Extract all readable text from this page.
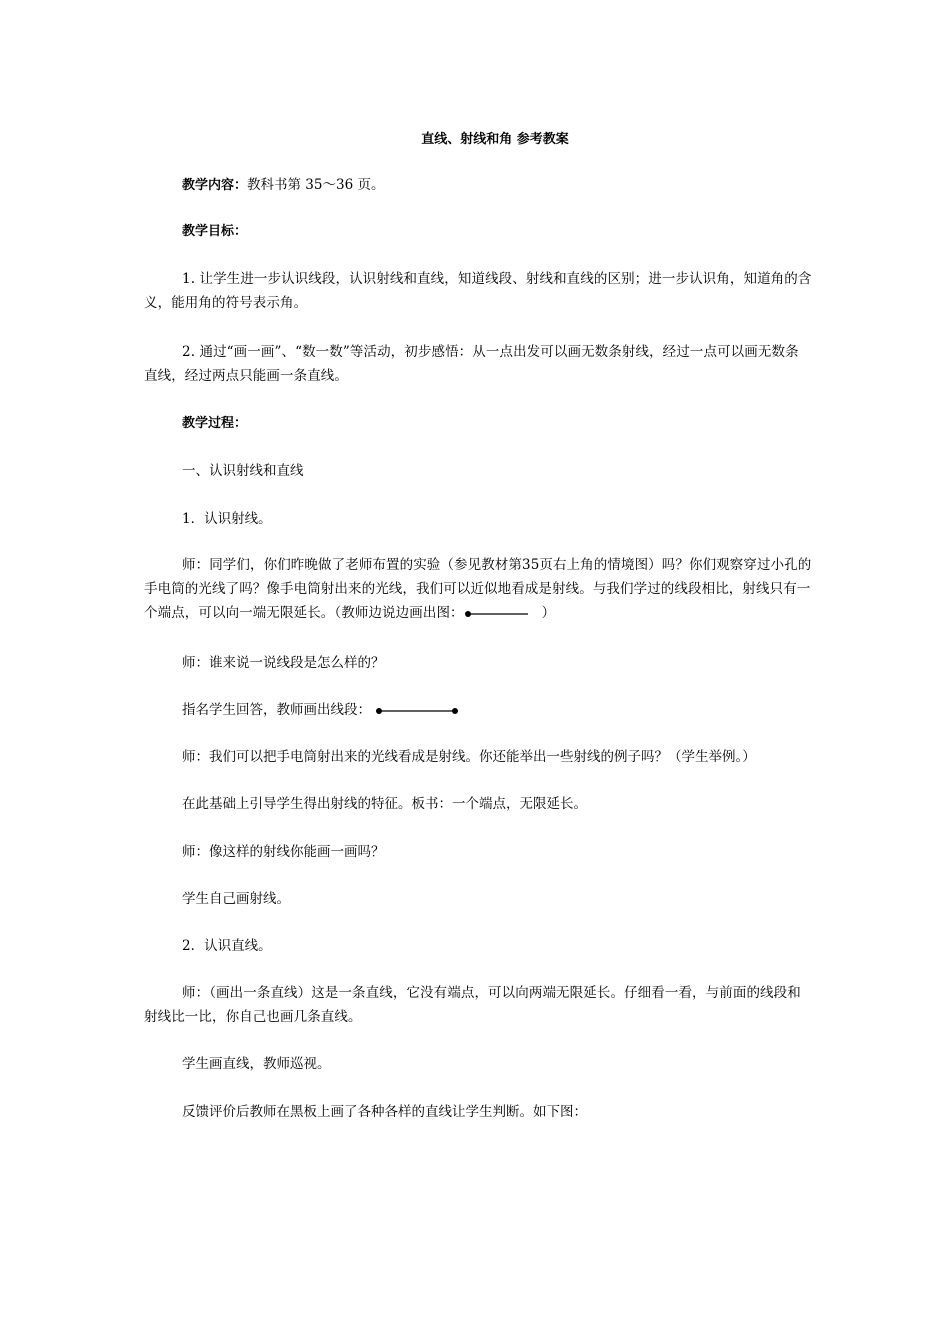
直线、射线和角 参考教案
教学内容：教科书第 35～36 页。
教学目标：
1. 让学生进一步认识线段，认识射线和直线，知道线段、射线和直线的区别；进一步认识角，知道角的含义，能用角的符号表示角。
2. 通过“画一画”、“数一数”等活动，初步感悟：从一点出发可以画无数条射线，经过一点可以画无数条直线，经过两点只能画一条直线。
教学过程：
一、认识射线和直线
1．认识射线。
师：同学们，你们昨晚做了老师布置的实验（参见教材第35页右上角的情境图）吗？你们观察穿过小孔的手电筒的光线了吗？像手电筒射出来的光线，我们可以近似地看成是射线。与我们学过的线段相比，射线只有一个端点，可以向一端无限延长。（教师边说边画出图：	）
师：谁来说一说线段是怎么样的？
指名学生回答，教师画出线段：
师：我们可以把手电筒射出来的光线看成是射线。你还能举出一些射线的例子吗？（学生举例。）
在此基础上引导学生得出射线的特征。板书：一个端点，无限延长。
师：像这样的射线你能画一画吗？
学生自己画射线。
2．认识直线。
师：（画出一条直线）这是一条直线，它没有端点，可以向两端无限延长。仔细看一看，与前面的线段和射线比一比，你自己也画几条直线。
学生画直线，教师巡视。
反馈评价后教师在黑板上画了各种各样的直线让学生判断。如下图：
